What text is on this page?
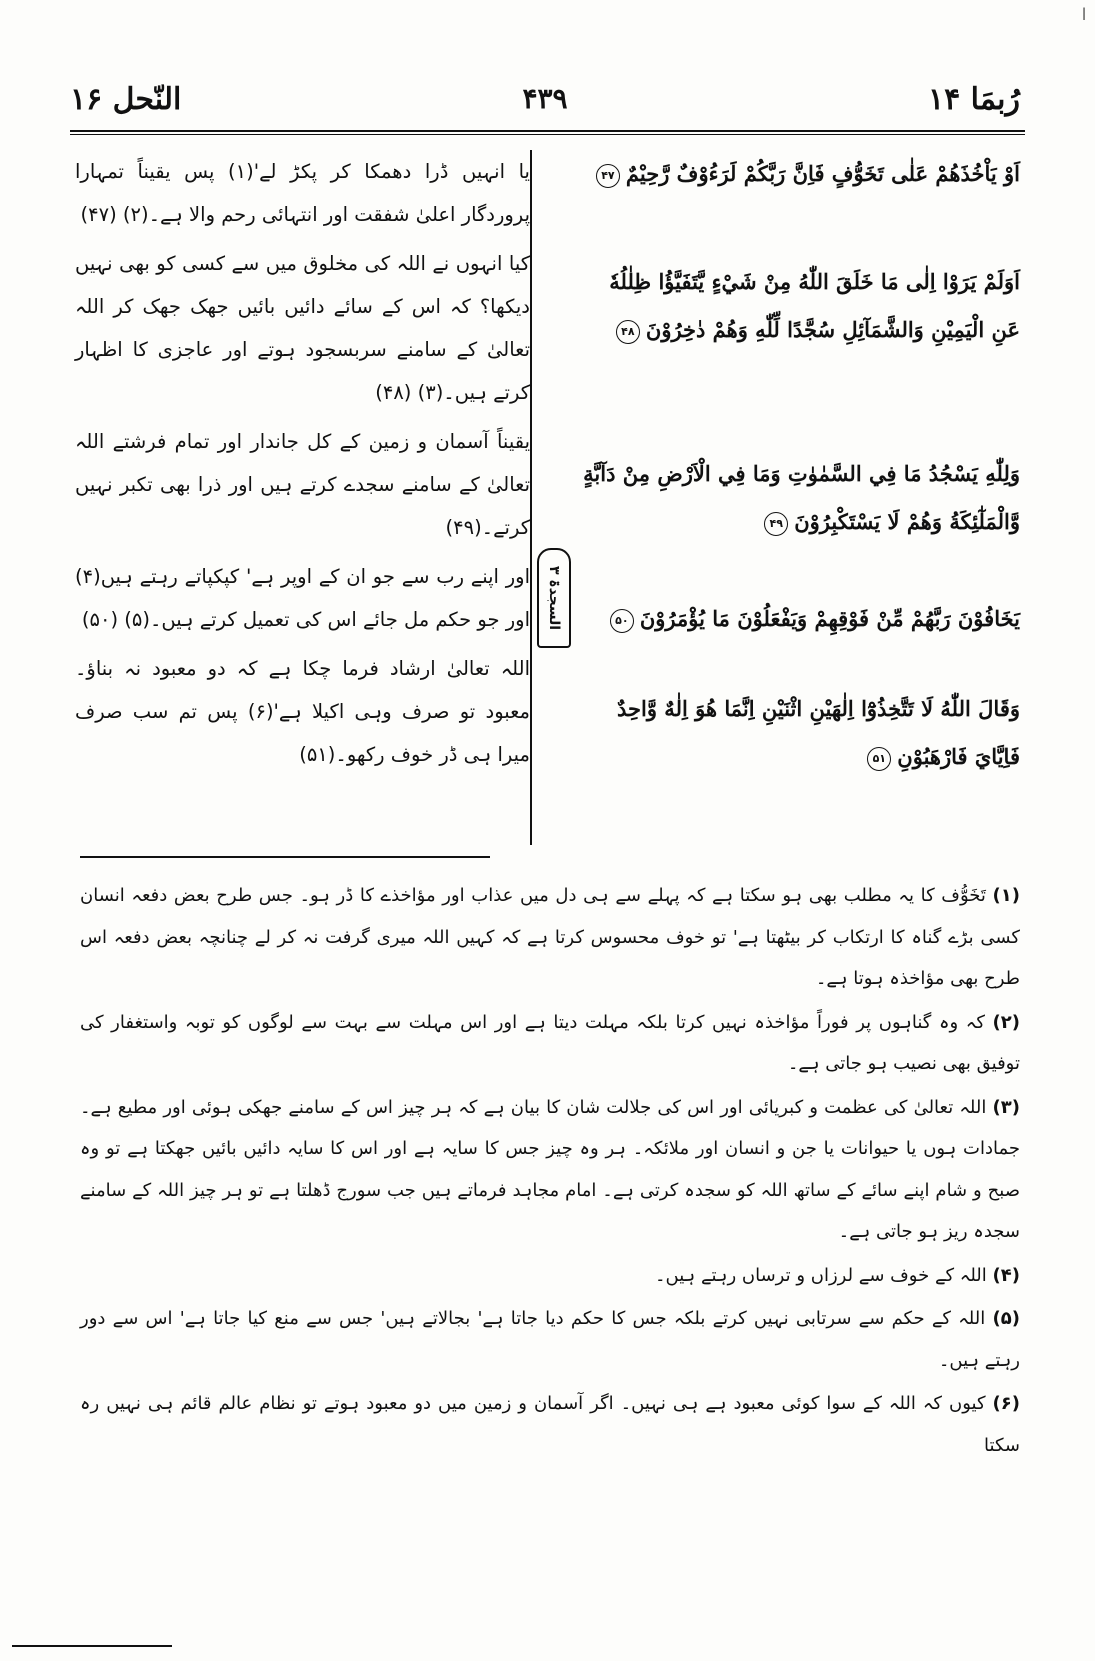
|
النّحل ۱۶	۴۳۹	رُبمَا ۱۴
اَوْ يَاْخُذَهُمْ عَلٰى تَخَوُّفٍ فَاِنَّ رَبَّكُمْ لَرَءُوْفٌ رَّحِيْمٌ۴۷
اَوَلَمْ يَرَوْا اِلٰى مَا خَلَقَ اللّٰهُ مِنْ شَيْءٍ يَّتَفَيَّؤُا ظِلٰلُهٗ عَنِ الْيَمِيْنِ وَالشَّمَآئِلِ سُجَّدًا لِّلّٰهِ وَهُمْ دٰخِرُوْنَ۴۸
وَلِلّٰهِ يَسْجُدُ مَا فِي السَّمٰوٰتِ وَمَا فِي الْاَرْضِ مِنْ دَآبَّةٍ وَّالْمَلٰٓئِكَةُ وَهُمْ لَا يَسْتَكْبِرُوْنَ۴۹
يَخَافُوْنَ رَبَّهُمْ مِّنْ فَوْقِهِمْ وَيَفْعَلُوْنَ مَا يُؤْمَرُوْنَ۵۰
وَقَالَ اللّٰهُ لَا تَتَّخِذُوْٓا اِلٰهَيْنِ اثْنَيْنِ اِنَّمَا هُوَ اِلٰهٌ وَّاحِدٌ فَاِيَّايَ فَارْهَبُوْنِ۵۱
السجدۃ ۳

یا انہیں ڈرا دھمکا کر پکڑ لے'(۱) پس یقیناً تمہارا پروردگار اعلیٰ شفقت اور انتہائی رحم والا ہے۔(۲) (۴۷)

کیا انہوں نے اللہ کی مخلوق میں سے کسی کو بھی نہیں دیکھا؟ کہ اس کے سائے دائیں بائیں جھک جھک کر اللہ تعالیٰ کے سامنے سربسجود ہوتے اور عاجزی کا اظہار کرتے ہیں۔(۳) (۴۸)

یقیناً آسمان و زمین کے کل جاندار اور تمام فرشتے اللہ تعالیٰ کے سامنے سجدے کرتے ہیں اور ذرا بھی تکبر نہیں کرتے۔(۴۹)

اور اپنے رب سے جو ان کے اوپر ہے' کپکپاتے رہتے ہیں(۴) اور جو حکم مل جائے اس کی تعمیل کرتے ہیں۔(۵) (۵۰)

اللہ تعالیٰ ارشاد فرما چکا ہے کہ دو معبود نہ بناؤ۔ معبود تو صرف وہی اکیلا ہے'(۶) پس تم سب صرف میرا ہی ڈر خوف رکھو۔(۵۱)

(۱) تَخَوُّف کا یہ مطلب بھی ہو سکتا ہے کہ پہلے سے ہی دل میں عذاب اور مؤاخذے کا ڈر ہو۔ جس طرح بعض دفعہ انسان کسی بڑے گناہ کا ارتکاب کر بیٹھتا ہے' تو خوف محسوس کرتا ہے کہ کہیں اللہ میری گرفت نہ کر لے چنانچہ بعض دفعہ اس طرح بھی مؤاخذہ ہوتا ہے۔

(۲) کہ وہ گناہوں پر فوراً مؤاخذہ نہیں کرتا بلکہ مہلت دیتا ہے اور اس مہلت سے بہت سے لوگوں کو توبہ واستغفار کی توفیق بھی نصیب ہو جاتی ہے۔

(۳) اللہ تعالیٰ کی عظمت و کبریائی اور اس کی جلالت شان کا بیان ہے کہ ہر چیز اس کے سامنے جھکی ہوئی اور مطیع ہے۔ جمادات ہوں یا حیوانات یا جن و انسان اور ملائکہ۔ ہر وہ چیز جس کا سایہ ہے اور اس کا سایہ دائیں بائیں جھکتا ہے تو وہ صبح و شام اپنے سائے کے ساتھ اللہ کو سجدہ کرتی ہے۔ امام مجاہد فرماتے ہیں جب سورج ڈھلتا ہے تو ہر چیز اللہ کے سامنے سجدہ ریز ہو جاتی ہے۔

(۴) اللہ کے خوف سے لرزاں و ترساں رہتے ہیں۔

(۵) اللہ کے حکم سے سرتابی نہیں کرتے بلکہ جس کا حکم دیا جاتا ہے' بجالاتے ہیں' جس سے منع کیا جاتا ہے' اس سے دور رہتے ہیں۔

(۶) کیوں کہ اللہ کے سوا کوئی معبود ہے ہی نہیں۔ اگر آسمان و زمین میں دو معبود ہوتے تو نظام عالم قائم ہی نہیں رہ سکتا
